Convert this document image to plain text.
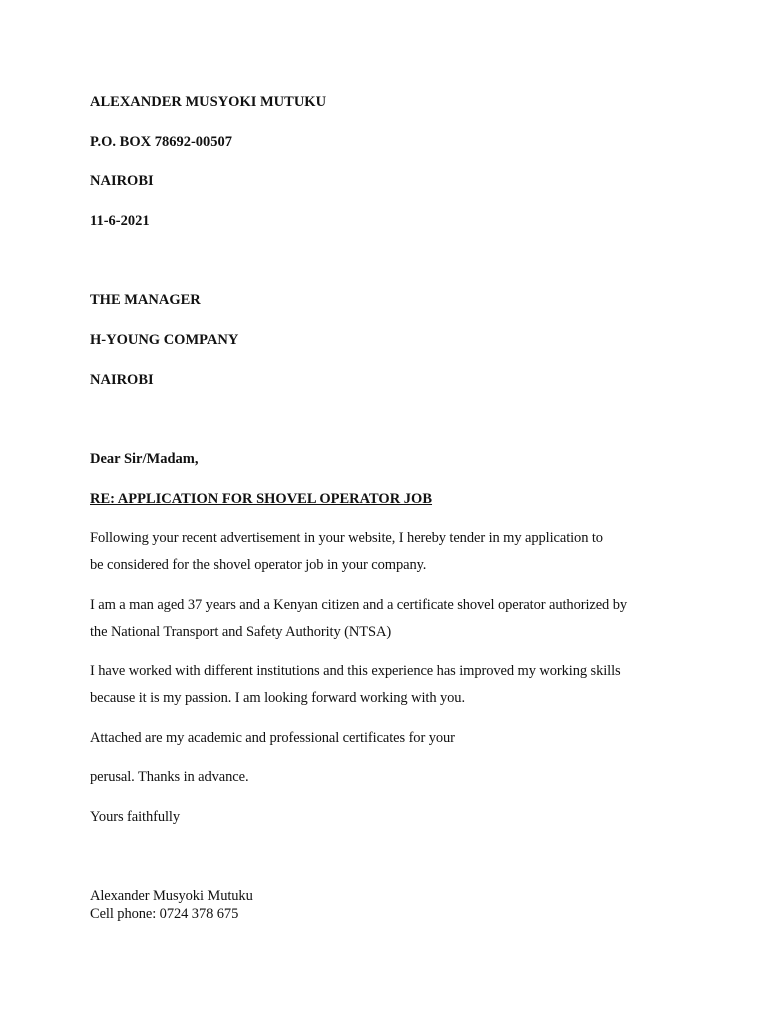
ALEXANDER MUSYOKI MUTUKU

P.O. BOX 78692-00507

NAIROBI

11-6-2021

THE MANAGER

H-YOUNG COMPANY

NAIROBI

Dear Sir/Madam,

RE: APPLICATION FOR SHOVEL OPERATOR JOB

Following your recent advertisement in your website, I hereby tender in my application to

be considered for the shovel operator job in your company.

I am a man aged 37 years and a Kenyan citizen and a certificate shovel operator authorized by

the National Transport and Safety Authority (NTSA)

I have worked with different institutions and this experience has improved my working skills

because it is my passion. I am looking forward working with you.

Attached are my academic and professional certificates for your

perusal. Thanks in advance.

Yours faithfully

Alexander Musyoki Mutuku

Cell phone: 0724 378 675
